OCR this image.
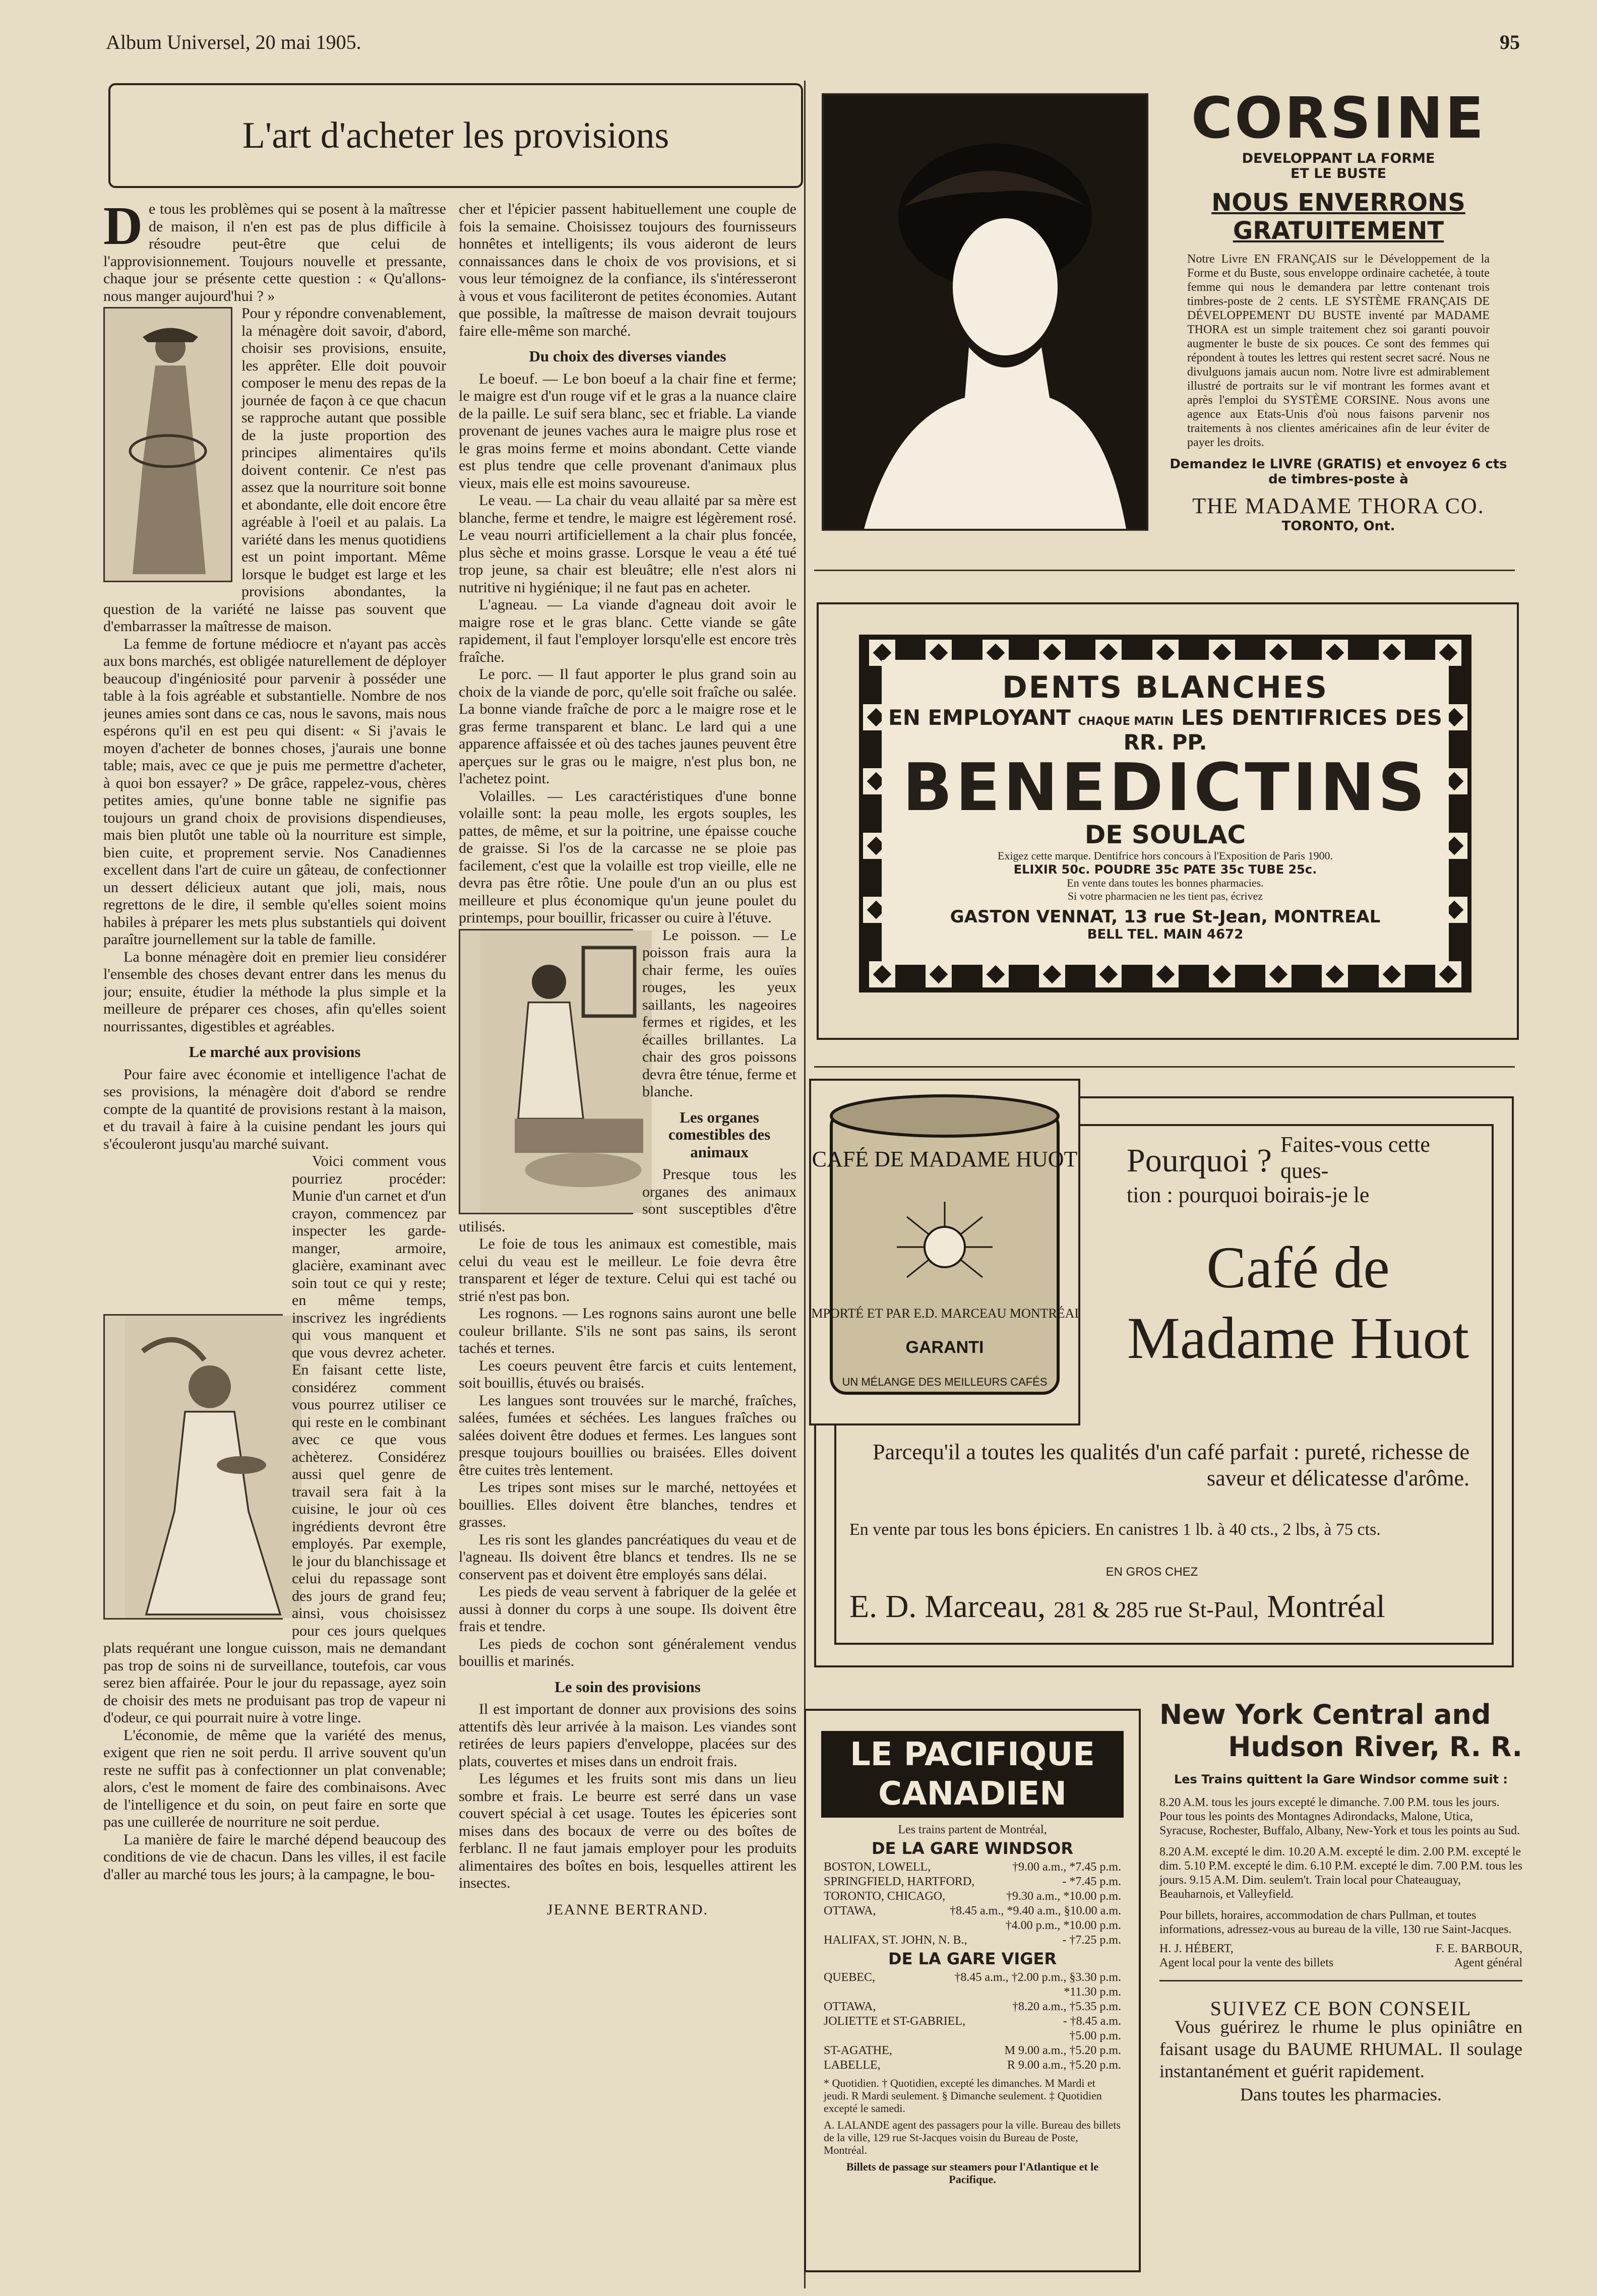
Album Universel, 20 mai 1905.	95
L'art d'acheter les provisions

De tous les problèmes qui se posent à la maîtresse de maison, il n'en est pas de plus difficile à résoudre peut-être que celui de l'approvisionnement. Toujours nouvelle et pressante, chaque jour se présente cette question : « Qu'allons-nous manger aujourd'hui ? »

Pour y répondre convenablement, la ménagère doit savoir, d'abord, choisir ses provisions, ensuite, les apprêter. Elle doit pouvoir composer le menu des repas de la journée de façon à ce que chacun se rapproche autant que possible de la juste proportion des principes alimentaires qu'ils doivent contenir. Ce n'est pas assez que la nourriture soit bonne et abondante, elle doit encore être agréable à l'oeil et au palais. La variété dans les menus quotidiens est un point important. Même lorsque le budget est large et les provisions abondantes, la question de la variété ne laisse pas souvent que d'embarrasser la maîtresse de maison.

La femme de fortune médiocre et n'ayant pas accès aux bons marchés, est obligée naturellement de déployer beaucoup d'ingéniosité pour parvenir à posséder une table à la fois agréable et substantielle. Nombre de nos jeunes amies sont dans ce cas, nous le savons, mais nous espérons qu'il en est peu qui disent: « Si j'avais le moyen d'acheter de bonnes choses, j'aurais une bonne table; mais, avec ce que je puis me permettre d'acheter, à quoi bon essayer? » De grâce, rappelez-vous, chères petites amies, qu'une bonne table ne signifie pas toujours un grand choix de provisions dispendieuses, mais bien plutôt une table où la nourriture est simple, bien cuite, et proprement servie. Nos Canadiennes excellent dans l'art de cuire un gâteau, de confectionner un dessert délicieux autant que joli, mais, nous regrettons de le dire, il semble qu'elles soient moins habiles à préparer les mets plus substantiels qui doivent paraître journellement sur la table de famille.

La bonne ménagère doit en premier lieu considérer l'ensemble des choses devant entrer dans les menus du jour; ensuite, étudier la méthode la plus simple et la meilleure de préparer ces choses, afin qu'elles soient nourrissantes, digestibles et agréables.

Le marché aux provisions

Pour faire avec économie et intelligence l'achat de ses provisions, la ménagère doit d'abord se rendre compte de la quantité de provisions restant à la maison, et du travail à faire à la cuisine pendant les jours qui s'écouleront jusqu'au marché suivant.

Voici comment vous pourriez procéder: Munie d'un carnet et d'un crayon, commencez par inspecter les garde-manger, armoire, glacière, examinant avec soin tout ce qui y reste; en même temps, inscrivez les ingrédients qui vous manquent et que vous devrez acheter. En faisant cette liste, considérez comment vous pourrez utiliser ce qui reste en le combinant avec ce que vous achèterez. Considérez aussi quel genre de travail sera fait à la cuisine, le jour où ces ingrédients devront être employés. Par exemple, le jour du blanchissage et celui du repassage sont des jours de grand feu; ainsi, vous choisissez pour ces jours quelques plats requérant une longue cuisson, mais ne demandant pas trop de soins ni de surveillance, toutefois, car vous serez bien affairée. Pour le jour du repassage, ayez soin de choisir des mets ne produisant pas trop de vapeur ni d'odeur, ce qui pourrait nuire à votre linge.

L'économie, de même que la variété des menus, exigent que rien ne soit perdu. Il arrive souvent qu'un reste ne suffit pas à confectionner un plat convenable; alors, c'est le moment de faire des combinaisons. Avec de l'intelligence et du soin, on peut faire en sorte que pas une cuillerée de nourriture ne soit perdue.

La manière de faire le marché dépend beaucoup des conditions de vie de chacun. Dans les villes, il est facile d'aller au marché tous les jours; à la campagne, le bou-

cher et l'épicier passent habituellement une couple de fois la semaine. Choisissez toujours des fournisseurs honnêtes et intelligents; ils vous aideront de leurs connaissances dans le choix de vos provisions, et si vous leur témoignez de la confiance, ils s'intéresseront à vous et vous faciliteront de petites économies. Autant que possible, la maîtresse de maison devrait toujours faire elle-même son marché.

Du choix des diverses viandes

Le boeuf. — Le bon boeuf a la chair fine et ferme; le maigre est d'un rouge vif et le gras a la nuance claire de la paille. Le suif sera blanc, sec et friable. La viande provenant de jeunes vaches aura le maigre plus rose et le gras moins ferme et moins abondant. Cette viande est plus tendre que celle provenant d'animaux plus vieux, mais elle est moins savoureuse.

Le veau. — La chair du veau allaité par sa mère est blanche, ferme et tendre, le maigre est légèrement rosé. Le veau nourri artificiellement a la chair plus foncée, plus sèche et moins grasse. Lorsque le veau a été tué trop jeune, sa chair est bleuâtre; elle n'est alors ni nutritive ni hygiénique; il ne faut pas en acheter.

L'agneau. — La viande d'agneau doit avoir le maigre rose et le gras blanc. Cette viande se gâte rapidement, il faut l'employer lorsqu'elle est encore très fraîche.

Le porc. — Il faut apporter le plus grand soin au choix de la viande de porc, qu'elle soit fraîche ou salée. La bonne viande fraîche de porc a le maigre rose et le gras ferme transparent et blanc. Le lard qui a une apparence affaissée et où des taches jaunes peuvent être aperçues sur le gras ou le maigre, n'est plus bon, ne l'achetez point.

Volailles. — Les caractéristiques d'une bonne volaille sont: la peau molle, les ergots souples, les pattes, de même, et sur la poitrine, une épaisse couche de graisse. Si l'os de la carcasse ne se ploie pas facilement, c'est que la volaille est trop vieille, elle ne devra pas être rôtie. Une poule d'un an ou plus est meilleure et plus économique qu'un jeune poulet du printemps, pour bouillir, fricasser ou cuire à l'étuve.

Le poisson. — Le poisson frais aura la chair ferme, les ouïes rouges, les yeux saillants, les nageoires fermes et rigides, et les écailles brillantes. La chair des gros poissons devra être ténue, ferme et blanche.

Les organes comestibles des animaux

Presque tous les organes des animaux sont susceptibles d'être utilisés.

Le foie de tous les animaux est comestible, mais celui du veau est le meilleur. Le foie devra être transparent et léger de texture. Celui qui est taché ou strié n'est pas bon.

Les rognons. — Les rognons sains auront une belle couleur brillante. S'ils ne sont pas sains, ils seront tachés et ternes.

Les coeurs peuvent être farcis et cuits lentement, soit bouillis, étuvés ou braisés.

Les langues sont trouvées sur le marché, fraîches, salées, fumées et séchées. Les langues fraîches ou salées doivent être dodues et fermes. Les langues sont presque toujours bouillies ou braisées. Elles doivent être cuites très lentement.

Les tripes sont mises sur le marché, nettoyées et bouillies. Elles doivent être blanches, tendres et grasses.

Les ris sont les glandes pancréatiques du veau et de l'agneau. Ils doivent être blancs et tendres. Ils ne se conservent pas et doivent être employés sans délai.

Les pieds de veau servent à fabriquer de la gelée et aussi à donner du corps à une soupe. Ils doivent être frais et tendre.

Les pieds de cochon sont généralement vendus bouillis et marinés.

Le soin des provisions

Il est important de donner aux provisions des soins attentifs dès leur arrivée à la maison. Les viandes sont retirées de leurs papiers d'enveloppe, placées sur des plats, couvertes et mises dans un endroit frais.

Les légumes et les fruits sont mis dans un lieu sombre et frais. Le beurre est serré dans un vase couvert spécial à cet usage. Toutes les épiceries sont mises dans des bocaux de verre ou des boîtes de ferblanc. Il ne faut jamais employer pour les produits alimentaires des boîtes en bois, lesquelles attirent les insectes.

JEANNE BERTRAND.
CORSINE
DEVELOPPANT LA FORME
ET LE BUSTE
NOUS ENVERRONS GRATUITEMENT
Notre Livre EN FRANÇAIS sur le Développement de la Forme et du Buste, sous enveloppe ordinaire cachetée, à toute femme qui nous le demandera par lettre contenant trois timbres-poste de 2 cents. LE SYSTÈME FRANÇAIS DE DÉVELOPPEMENT DU BUSTE inventé par MADAME THORA est un simple traitement chez soi garanti pouvoir augmenter le buste de six pouces. Ce sont des femmes qui répondent à toutes les lettres qui restent secret sacré. Nous ne divulguons jamais aucun nom. Notre livre est admirablement illustré de portraits sur le vif montrant les formes avant et après l'emploi du SYSTÈME CORSINE. Nous avons une agence aux Etats-Unis d'où nous faisons parvenir nos traitements à nos clientes américaines afin de leur éviter de payer les droits.
Demandez le LIVRE (GRATIS) et envoyez 6 cts de timbres-poste à
THE MADAME THORA CO.
TORONTO, Ont.
DENTS BLANCHES
EN EMPLOYANT CHAQUE MATIN LES DENTIFRICES DES RR. PP.
BENEDICTINS
DE SOULAC
Exigez cette marque. Dentifrice hors concours à l'Exposition de Paris 1900.
ELIXIR 50c. POUDRE 35c PATE 35c TUBE 25c.
En vente dans toutes les bonnes pharmacies.
Si votre pharmacien ne les tient pas, écrivez
GASTON VENNAT, 13 rue St-Jean, MONTREAL
BELL TEL. MAIN 4672
CAFÉ DE MADAME HUOT
IMPORTÉ ET PAR E.D. MARCEAU MONTRÉAL
GARANTI
UN MÉLANGE DES MEILLEURS CAFÉS
Pourquoi ? Faites-vous cette ques-
tion : pourquoi boirais-je le
Café de
Madame Huot
Parcequ'il a toutes les qualités d'un café parfait : pureté, richesse de saveur et délicatesse d'arôme.
En vente par tous les bons épiciers. En canistres 1 lb. à 40 cts., 2 lbs, à 75 cts.
EN GROS CHEZ
E. D. Marceau, 281 & 285 rue St-Paul, Montréal
LE PACIFIQUE
CANADIEN
Les trains partent de Montréal,
DE LA GARE WINDSOR
BOSTON, LOWELL,	†9.00 a.m., *7.45 p.m.
SPRINGFIELD, HARTFORD,	- *7.45 p.m.
TORONTO, CHICAGO,	†9.30 a.m., *10.00 p.m.
OTTAWA,	†8.45 a.m., *9.40 a.m., §10.00 a.m.
†4.00 p.m., *10.00 p.m.
HALIFAX, ST. JOHN, N. B.,	- †7.25 p.m.
DE LA GARE VIGER
QUEBEC,	†8.45 a.m., †2.00 p.m., §3.30 p.m.
*11.30 p.m.
OTTAWA,	†8.20 a.m., †5.35 p.m.
JOLIETTE et ST-GABRIEL,	- †8.45 a.m.
†5.00 p.m.
ST-AGATHE,	M 9.00 a.m., †5.20 p.m.
LABELLE,	R 9.00 a.m., †5.20 p.m.
* Quotidien. † Quotidien, excepté les dimanches. M Mardi et jeudi. R Mardi seulement. § Dimanche seulement. ‡ Quotidien excepté le samedi.
A. LALANDE agent des passagers pour la ville. Bureau des billets de la ville, 129 rue St-Jacques voisin du Bureau de Poste, Montréal.
Billets de passage sur steamers pour l'Atlantique et le Pacifique.
New York Central and
Hudson River, R. R.
Les Trains quittent la Gare Windsor comme suit :
8.20 A.M. tous les jours excepté le dimanche. 7.00 P.M. tous les jours. Pour tous les points des Montagnes Adirondacks, Malone, Utica, Syracuse, Rochester, Buffalo, Albany, New-York et tous les points au Sud.
8.20 A.M. excepté le dim. 10.20 A.M. excepté le dim. 2.00 P.M. excepté le dim. 5.10 P.M. excepté le dim. 6.10 P.M. excepté le dim. 7.00 P.M. tous les jours. 9.15 A.M. Dim. seulem't. Train local pour Chateauguay, Beauharnois, et Valleyfield.
Pour billets, horaires, accommodation de chars Pullman, et toutes informations, adressez-vous au bureau de la ville, 130 rue Saint-Jacques.
H. J. HÉBERT,
Agent local pour la vente des billets
F. E. BARBOUR,
Agent général
SUIVEZ CE BON CONSEIL
Vous guérirez le rhume le plus opiniâtre en faisant usage du BAUME RHUMAL. Il soulage instantanément et guérit rapidement.
Dans toutes les pharmacies.
